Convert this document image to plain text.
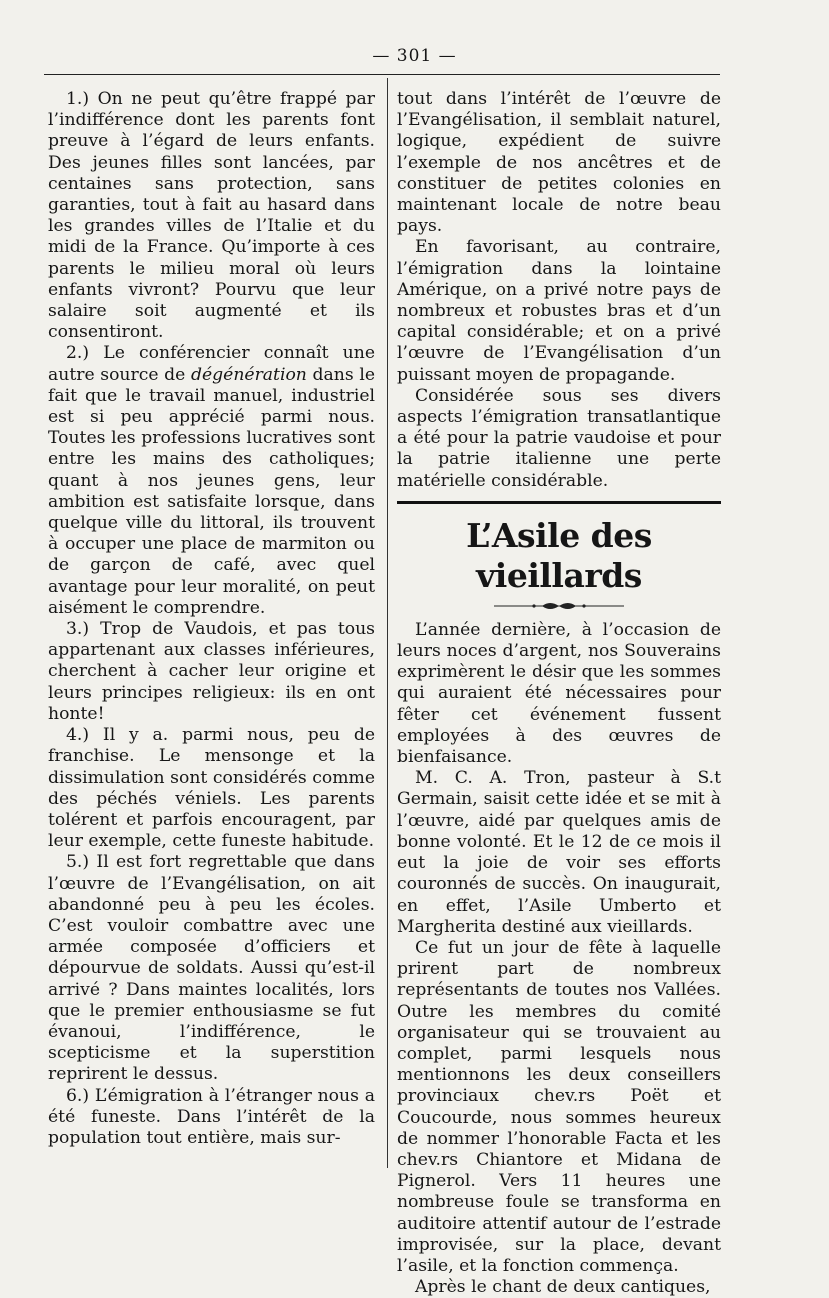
— 301 —

1.) On ne peut qu’être frappé par l’indifférence dont les parents font preuve à l’égard de leurs enfants. Des jeunes filles sont lancées, par centaines sans protection, sans garanties, tout à fait au hasard dans les grandes villes de l’Italie et du midi de la France. Qu’importe à ces parents le milieu moral où leurs enfants vivront? Pourvu que leur salaire soit augmenté et ils consentiront.

2.) Le conférencier connaît une autre source de dégénération dans le fait que le travail manuel, industriel est si peu apprécié parmi nous. Toutes les professions lucratives sont entre les mains des catholiques; quant à nos jeunes gens, leur ambition est satisfaite lorsque, dans quelque ville du littoral, ils trouvent à occuper une place de marmiton ou de garçon de café, avec quel avantage pour leur moralité, on peut aisément le comprendre.

3.) Trop de Vaudois, et pas tous appartenant aux classes inférieures, cherchent à cacher leur origine et leurs principes religieux: ils en ont honte!

4.) Il y a. parmi nous, peu de franchise. Le mensonge et la dissimulation sont considérés comme des péchés véniels. Les parents tolérent et parfois encouragent, par leur exemple, cette funeste habitude.

5.) Il est fort regrettable que dans l’œuvre de l’Evangélisation, on ait abandonné peu à peu les écoles. C’est vouloir combattre avec une armée composée d’officiers et dépourvue de soldats. Aussi qu’est-il arrivé ? Dans maintes localités, lors que le premier enthousiasme se fut évanoui, l’indifférence, le scepticisme et la superstition reprirent le dessus.

6.) L’émigration à l’étranger nous a été funeste. Dans l’intérêt de la population tout entière, mais sur-

tout dans l’intérêt de l’œuvre de l’Evangélisation, il semblait naturel, logique, expédient de suivre l’exemple de nos ancêtres et de constituer de petites colonies en maintenant locale de notre beau pays.

En favorisant, au contraire, l’émigration dans la lointaine Amérique, on a privé notre pays de nombreux et robustes bras et d’un capital considérable; et on a privé l’œuvre de l’Evangélisation d’un puissant moyen de propagande.

Considérée sous ses divers aspects l’émigration transatlantique a été pour la patrie vaudoise et pour la patrie italienne une perte matérielle considérable.

L’Asile des vieillards

L’année dernière, à l’occasion de leurs noces d’argent, nos Souverains exprimèrent le désir que les sommes qui auraient été nécessaires pour fêter cet événement fussent employées à des œuvres de bienfaisance.

M. C. A. Tron, pasteur à S.t Germain, saisit cette idée et se mit à l’œuvre, aidé par quelques amis de bonne volonté. Et le 12 de ce mois il eut la joie de voir ses efforts couronnés de succès. On inaugurait, en effet, l’Asile Umberto et Margherita destiné aux vieillards.

Ce fut un jour de fête à laquelle prirent part de nombreux représentants de toutes nos Vallées. Outre les membres du comité organisateur qui se trouvaient au complet, parmi lesquels nous mentionnons les deux conseillers provinciaux chev.rs Poët et Coucourde, nous sommes heureux de nommer l’honorable Facta et les chev.rs Chiantore et Midana de Pignerol. Vers 11 heures une nombreuse foule se transforma en auditoire attentif autour de l’estrade improvisée, sur la place, devant l’asile, et la fonction commença.

Après le chant de deux cantiques,
